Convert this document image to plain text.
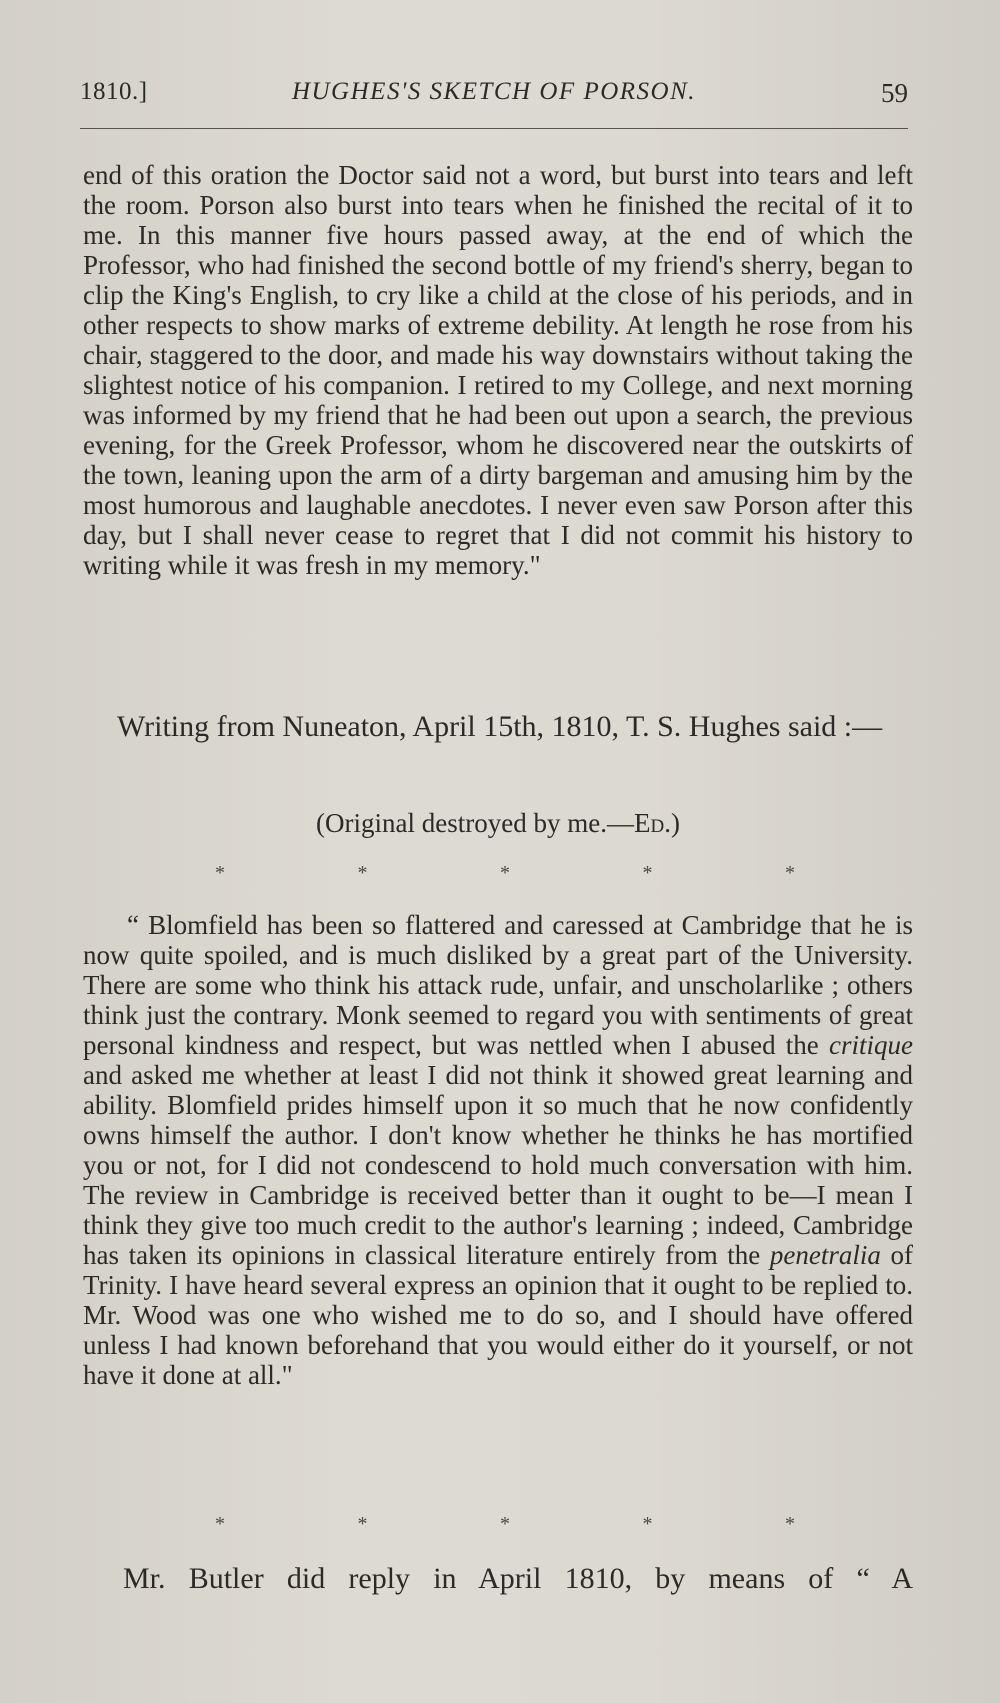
1810.]	HUGHES'S SKETCH OF PORSON.	59
end of this oration the Doctor said not a word, but burst into tears and left the room. Porson also burst into tears when he finished the recital of it to me. In this manner five hours passed away, at the end of which the Professor, who had finished the second bottle of my friend's sherry, began to clip the King's English, to cry like a child at the close of his periods, and in other respects to show marks of extreme debility. At length he rose from his chair, staggered to the door, and made his way downstairs without taking the slightest notice of his companion. I retired to my College, and next morning was informed by my friend that he had been out upon a search, the previous evening, for the Greek Professor, whom he discovered near the outskirts of the town, leaning upon the arm of a dirty bargeman and amusing him by the most humorous and laughable anecdotes. I never even saw Porson after this day, but I shall never cease to regret that I did not commit his history to writing while it was fresh in my memory."
Writing from Nuneaton, April 15th, 1810, T. S. Hughes said :—
(Original destroyed by me.—Ed.)
*	*	*	*	*
“ Blomfield has been so flattered and caressed at Cambridge that he is now quite spoiled, and is much disliked by a great part of the University. There are some who think his attack rude, unfair, and unscholarlike ; others think just the contrary. Monk seemed to regard you with sentiments of great personal kindness and respect, but was nettled when I abused the critique and asked me whether at least I did not think it showed great learning and ability. Blomfield prides himself upon it so much that he now confidently owns himself the author. I don't know whether he thinks he has mortified you or not, for I did not condescend to hold much conversation with him. The review in Cambridge is received better than it ought to be—I mean I think they give too much credit to the author's learning ; indeed, Cambridge has taken its opinions in classical literature entirely from the penetralia of Trinity. I have heard several express an opinion that it ought to be replied to. Mr. Wood was one who wished me to do so, and I should have offered unless I had known beforehand that you would either do it yourself, or not have it done at all."
*	*	*	*	*
Mr. Butler did reply in April 1810, by means of “ A
